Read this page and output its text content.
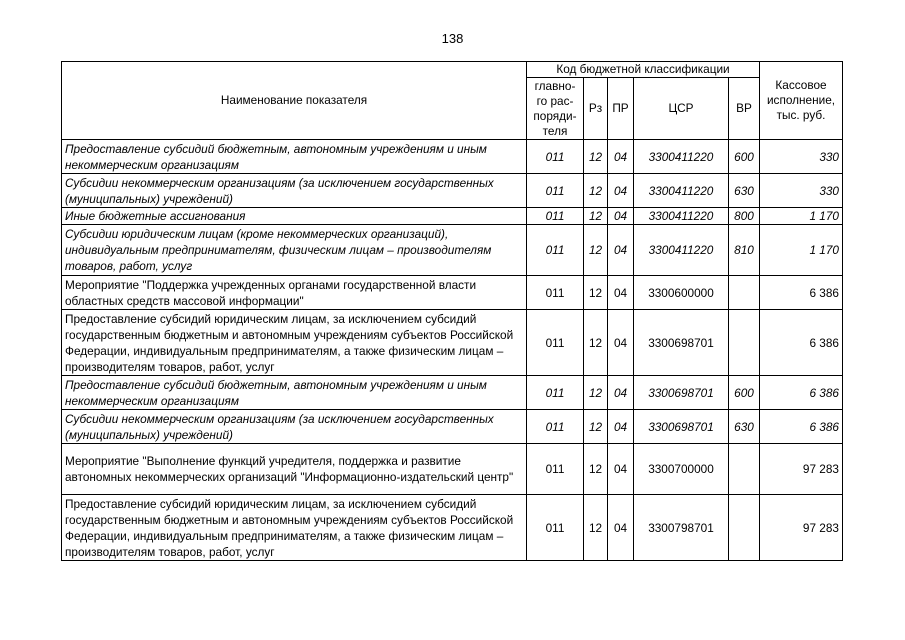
138
Наименование показателя	Код бюджетной классификации					Кассовое
исполнение,
тыс. руб.
	главно-
го рас-
поряди-
теля	Рз	ПР	ЦСР	ВР	
Предоставление субсидий бюджетным, автономным учреждениям и иным некоммерческим организациям	011	12	04	3300411220	600	330
Субсидии некоммерческим организациям (за исключением государственных (муниципальных) учреждений)	011	12	04	3300411220	630	330
Иные бюджетные ассигнования	011	12	04	3300411220	800	1 170
Субсидии юридическим лицам (кроме некоммерческих организаций), индивидуальным предпринимателям, физическим лицам – производителям товаров, работ, услуг	011	12	04	3300411220	810	1 170
Мероприятие "Поддержка учрежденных органами государственной власти областных средств массовой информации"	011	12	04	3300600000		6 386
Предоставление субсидий юридическим лицам, за исключением субсидий государственным бюджетным и автономным учреждениям субъектов Российской Федерации, индивидуальным предпринимателям, а также физическим лицам – производителям товаров, работ, услуг	011	12	04	3300698701		6 386
Предоставление субсидий бюджетным, автономным учреждениям и иным некоммерческим организациям	011	12	04	3300698701	600	6 386
Субсидии некоммерческим организациям (за исключением государственных (муниципальных) учреждений)	011	12	04	3300698701	630	6 386
Мероприятие "Выполнение функций учредителя, поддержка и развитие автономных некоммерческих организаций "Информационно-издательский центр"	011	12	04	3300700000		97 283
Предоставление субсидий юридическим лицам, за исключением субсидий государственным бюджетным и автономным учреждениям субъектов Российской Федерации, индивидуальным предпринимателям, а также физическим лицам – производителям товаров, работ, услуг	011	12	04	3300798701		97 283
